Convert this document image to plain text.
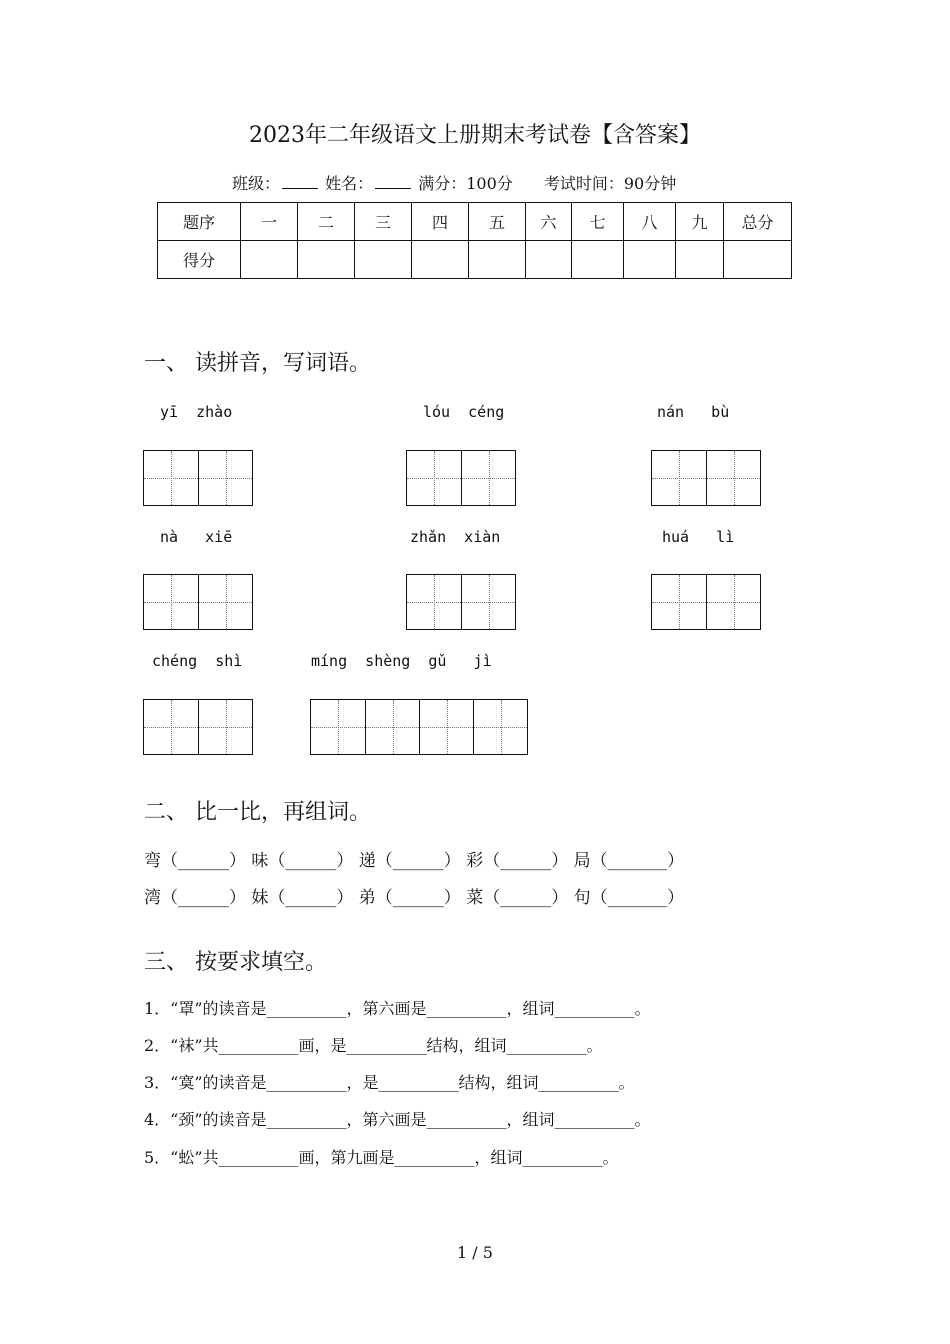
2023年二年级语文上册期末考试卷【含答案】
班级：	姓名：	满分：100分 考试时间：90分钟
题序	一	二	三	四	五	六	七	八	九	总分
得分										
一、 读拼音，写词语。
yī  zhào	lóu  céng	nán   bù
nà   xiē	zhǎn  xiàn	huá   lì
chéng  shì	míng  shèng  gǔ   jì
二、 比一比，再组词。
弯（______） 味（______） 递（______） 彩（______） 局（_______）
湾（______） 妹（______） 弟（______） 菜（______） 句（_______）
三、 按要求填空。
1．“罩”的读音是__________，第六画是__________，组词__________。
2．“袜”共__________画，是__________结构，组词__________。
3．“寞”的读音是__________，是__________结构，组词__________。
4．“颈”的读音是__________，第六画是__________，组词__________。
5．“蚣”共__________画，第九画是__________，组词__________。
1 / 5
